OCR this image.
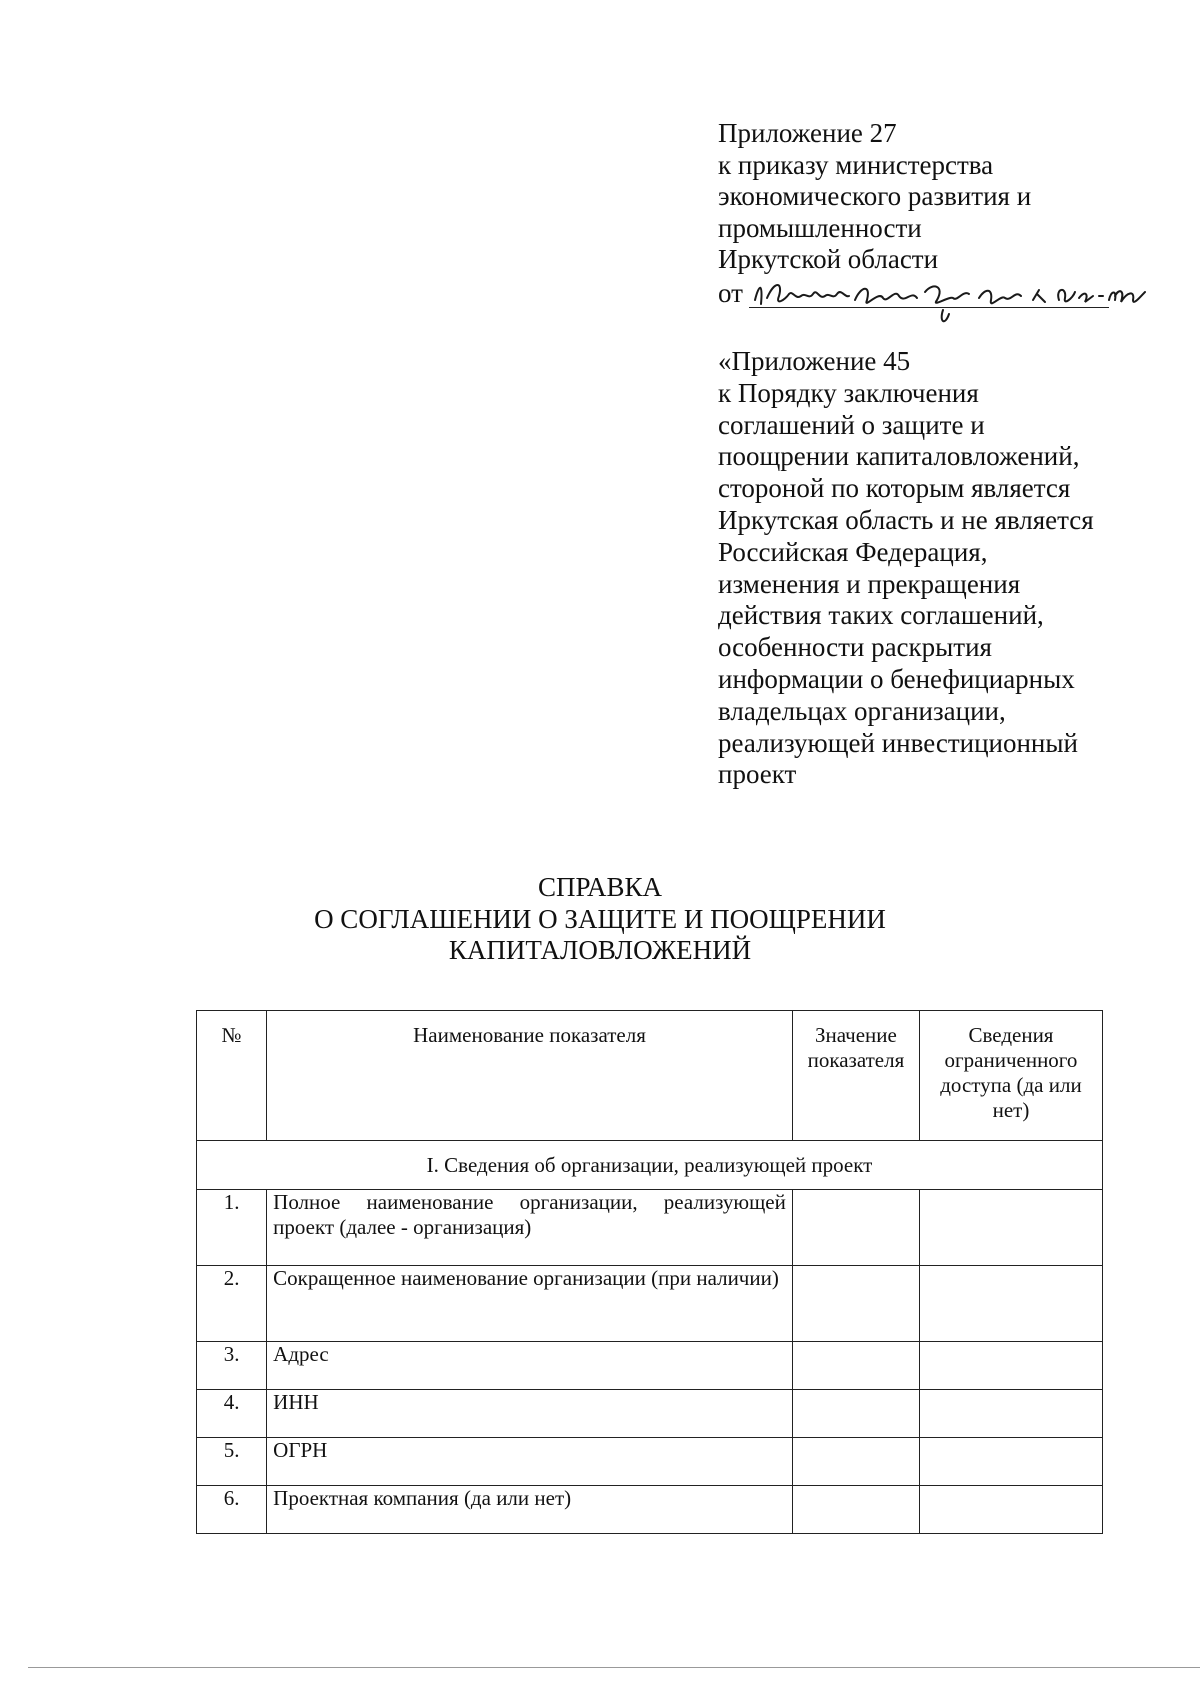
Приложение 27
к приказу министерства
экономического развития и
промышленности
Иркутской области
от
«Приложение 45
к Порядку заключения
соглашений о защите и
поощрении капиталовложений,
стороной по которым является
Иркутская область и не является
Российская Федерация,
изменения и прекращения
действия таких соглашений,
особенности раскрытия
информации о бенефициарных
владельцах организации,
реализующей инвестиционный
проект
СПРАВКА
О СОГЛАШЕНИИ О ЗАЩИТЕ И ПООЩРЕНИИ
КАПИТАЛОВЛОЖЕНИЙ
№	Наименование показателя	Значение показателя	Сведения ограниченного доступа (да или нет)
I. Сведения об организации, реализующей проект			
1.	Полное наименование организации, реализующей проект (далее - организация)		
2.	Сокращенное наименование организации (при наличии)		
3.	Адрес		
4.	ИНН		
5.	ОГРН		
6.	Проектная компания (да или нет)		
